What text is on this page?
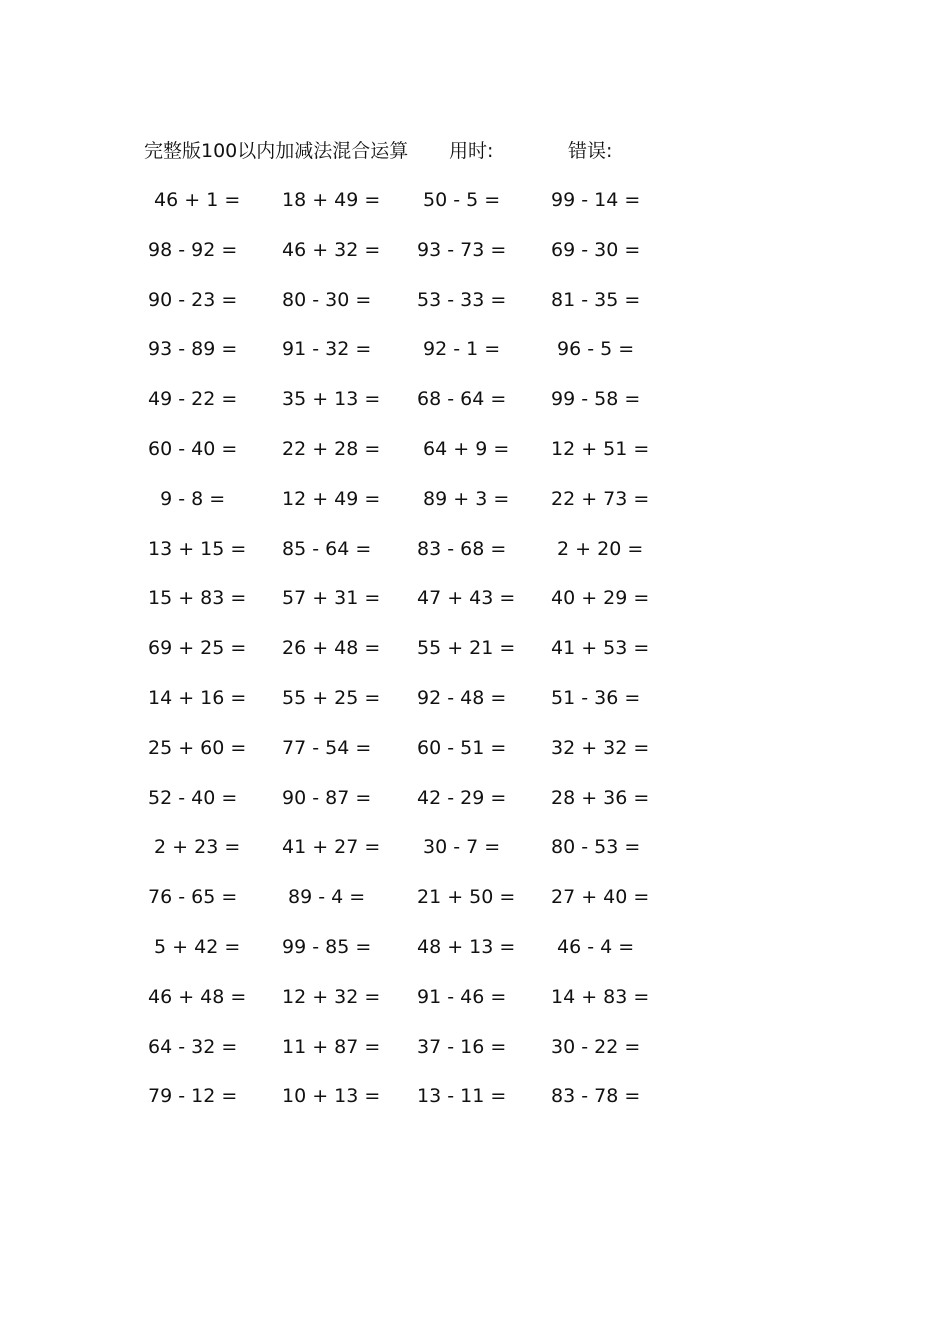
完整版100以内加减法混合运算 用时:	错误:
46 + 1 = 18 + 49 = 50 - 5 =	99 - 14 =
98 - 92 = 46 + 32 = 93 - 73 = 69 - 30 =
90 - 23 = 80 - 30 = 53 - 33 = 81 - 35 =
93 - 89 = 91 - 32 = 92 - 1 =	96 - 5 =
49 - 22 = 35 + 13 = 68 - 64 = 99 - 58 =
60 - 40 = 22 + 28 = 64 + 9 = 12 + 51 =
9 - 8 =	12 + 49 = 89 + 3 = 22 + 73 =
13 + 15 = 85 - 64 = 83 - 68 = 2 + 20 =
15 + 83 = 57 + 31 = 47 + 43 = 40 + 29 =
69 + 25 = 26 + 48 = 55 + 21 = 41 + 53 =
14 + 16 = 55 + 25 = 92 - 48 = 51 - 36 =
25 + 60 = 77 - 54 = 60 - 51 = 32 + 32 =
52 - 40 = 90 - 87 = 42 - 29 = 28 + 36 =
2 + 23 = 41 + 27 = 30 - 7 =	80 - 53 =
76 - 65 = 89 - 4 =	21 + 50 = 27 + 40 =
5 + 42 = 99 - 85 = 48 + 13 = 46 - 4 =
46 + 48 = 12 + 32 = 91 - 46 = 14 + 83 =
64 - 32 = 11 + 87 = 37 - 16 = 30 - 22 =
79 - 12 = 10 + 13 = 13 - 11 = 83 - 78 =
